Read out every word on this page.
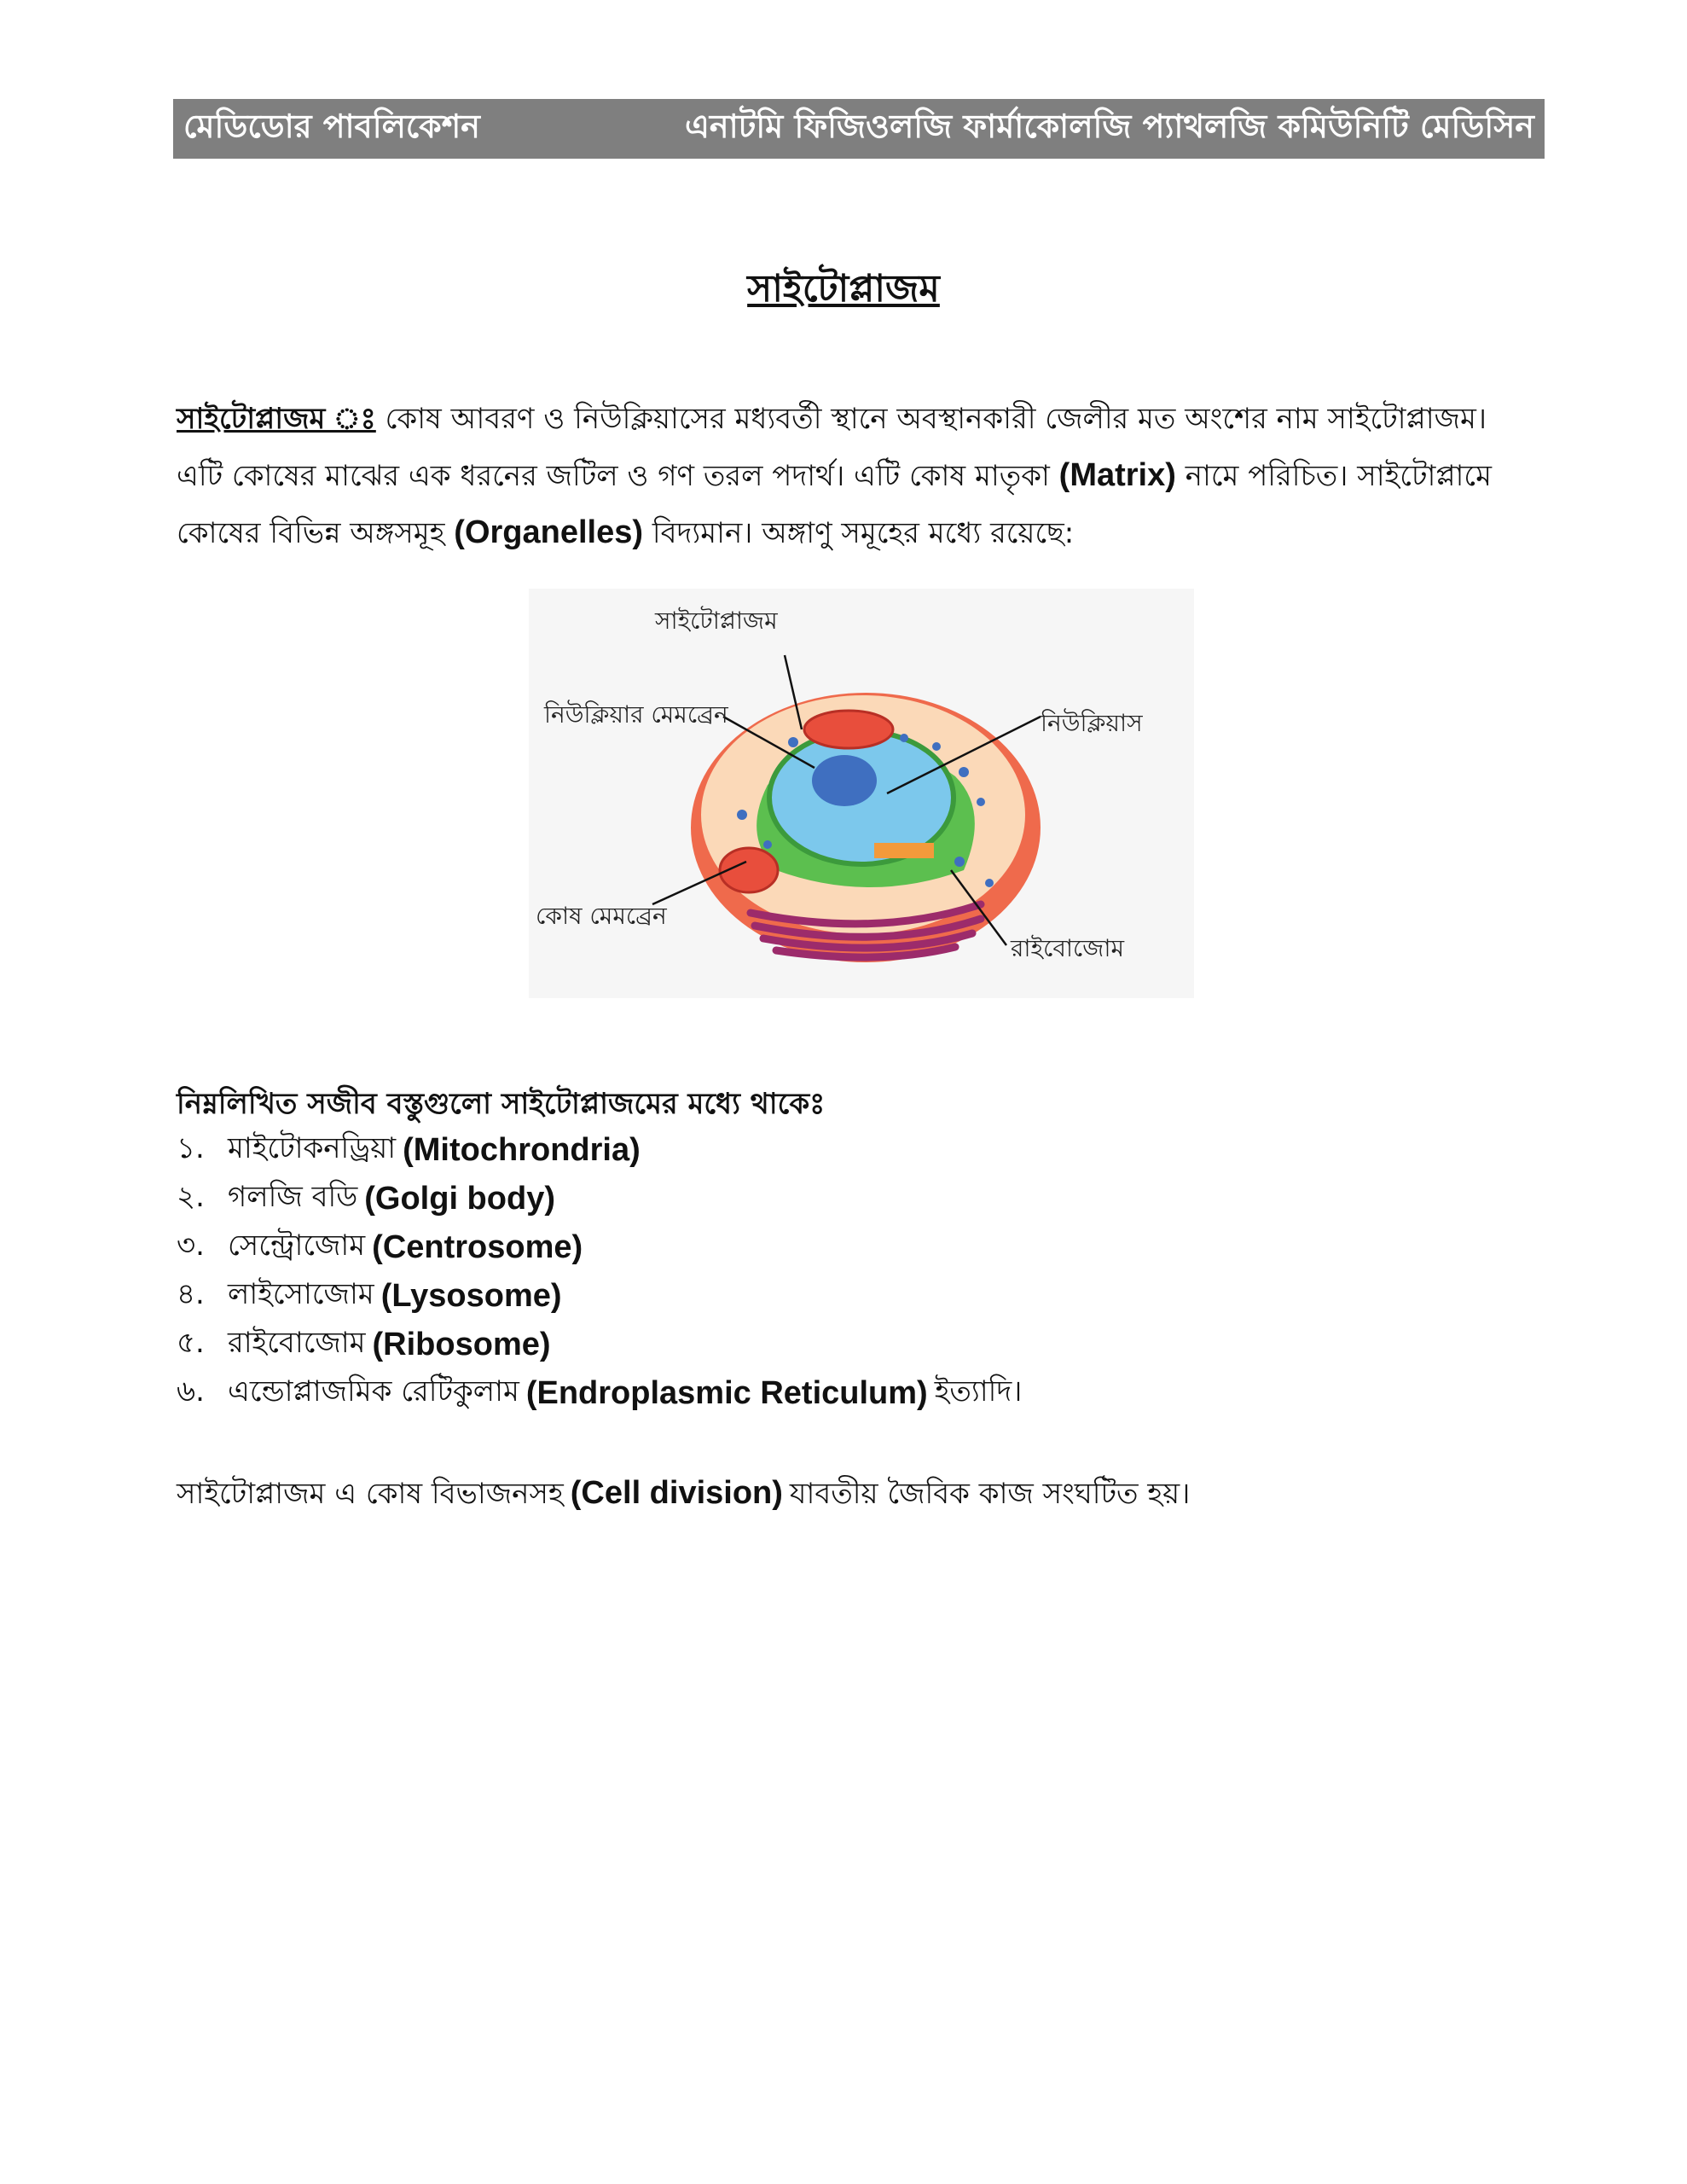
মেডিডোর পাবলিকেশন	এনাটমি ফিজিওলজি ফার্মাকোলজি প্যাথলজি কমিউনিটি মেডিসিন
সাইটোপ্লাজম
সাইটোপ্লাজম ঃ কোষ আবরণ ও নিউক্লিয়াসের মধ্যবর্তী স্থানে অবস্থানকারী জেলীর মত অংশের নাম সাইটোপ্লাজম। এটি কোষের মাঝের এক ধরনের জটিল ও গণ তরল পদার্থ। এটি কোষ মাতৃকা (Matrix) নামে পরিচিত। সাইটোপ্লামে কোষের বিভিন্ন অঙ্গসমূহ (Organelles) বিদ্যমান। অঙ্গাণু সমূহের মধ্যে রয়েছে:
সাইটোপ্লাজম
নিউক্লিয়ার মেমব্রেন	নিউক্লিয়াস
কোষ মেমব্রেন
রাইবোজোম
নিম্নলিখিত সজীব বস্তুগুলো সাইটোপ্লাজমের মধ্যে থাকেঃ
১. মাইটোকনড্রিয়া (Mitochrondria)
২. গলজি বডি (Golgi body)
৩. সেন্ট্রোজোম (Centrosome)
৪. লাইসোজোম (Lysosome)
৫. রাইবোজোম (Ribosome)
৬. এন্ডোপ্লাজমিক রেটিকুলাম (Endroplasmic Reticulum) ইত্যাদি।
সাইটোপ্লাজম এ কোষ বিভাজনসহ (Cell division) যাবতীয় জৈবিক কাজ সংঘটিত হয়।
